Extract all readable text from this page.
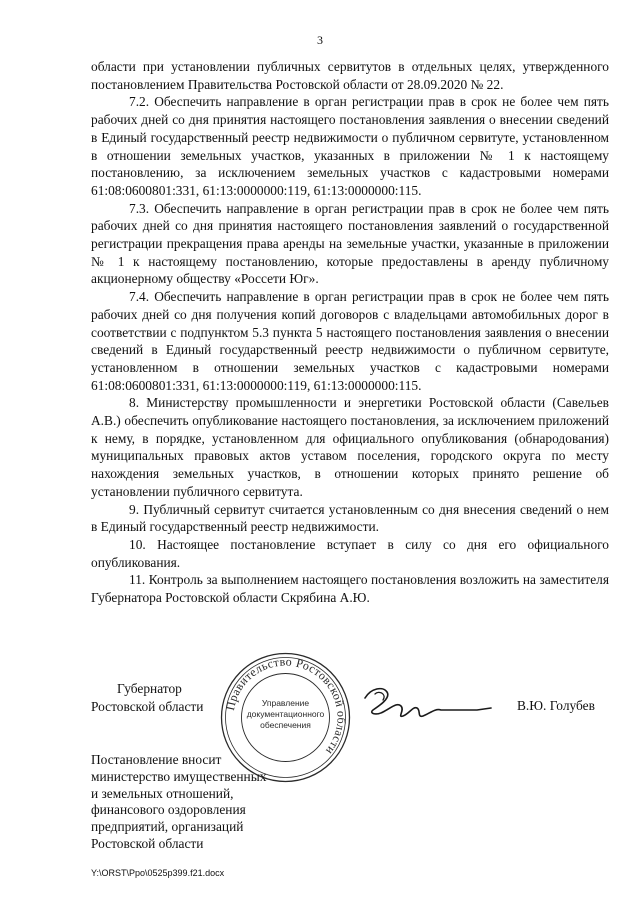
3

области при установлении публичных сервитутов в отдельных целях, утвержденного постановлением Правительства Ростовской области от 28.09.2020 № 22.

7.2. Обеспечить направление в орган регистрации прав в срок не более чем пять рабочих дней со дня принятия настоящего постановления заявления о внесении сведений в Единый государственный реестр недвижимости о публичном сервитуте, установленном в отношении земельных участков, указанных в приложении № 1 к настоящему постановлению, за исключением земельных участков с кадастровыми номерами 61:08:0600801:331, 61:13:0000000:119, 61:13:0000000:115.

7.3. Обеспечить направление в орган регистрации прав в срок не более чем пять рабочих дней со дня принятия настоящего постановления заявлений о государственной регистрации прекращения права аренды на земельные участки, указанные в приложении № 1 к настоящему постановлению, которые предоставлены в аренду публичному акционерному обществу «Россети Юг».

7.4. Обеспечить направление в орган регистрации прав в срок не более чем пять рабочих дней со дня получения копий договоров с владельцами автомобильных дорог в соответствии с подпунктом 5.3 пункта 5 настоящего постановления заявления о внесении сведений в Единый государственный реестр недвижимости о публичном сервитуте, установленном в отношении земельных участков с кадастровыми номерами 61:08:0600801:331, 61:13:0000000:119, 61:13:0000000:115.

8. Министерству промышленности и энергетики Ростовской области (Савельев А.В.) обеспечить опубликование настоящего постановления, за исключением приложений к нему, в порядке, установленном для официального опубликования (обнародования) муниципальных правовых актов уставом поселения, городского округа по месту нахождения земельных участков, в отношении которых принято решение об установлении публичного сервитута.

9. Публичный сервитут считается установленным со дня внесения сведений о нем в Единый государственный реестр недвижимости.

10. Настоящее постановление вступает в силу со дня его официального опубликования.

11. Контроль за выполнением настоящего постановления возложить на заместителя Губернатора Ростовской области Скрябина А.Ю.

Губернатор
Ростовской области Правительство Ростовской области
Управление
документационного
обеспечения
В.Ю. Голубев
Постановление вносит
министерство имущественных
и земельных отношений,
финансового оздоровления
предприятий, организаций
Ростовской области
Y:\ORST\Ppo\0525p399.f21.docx
